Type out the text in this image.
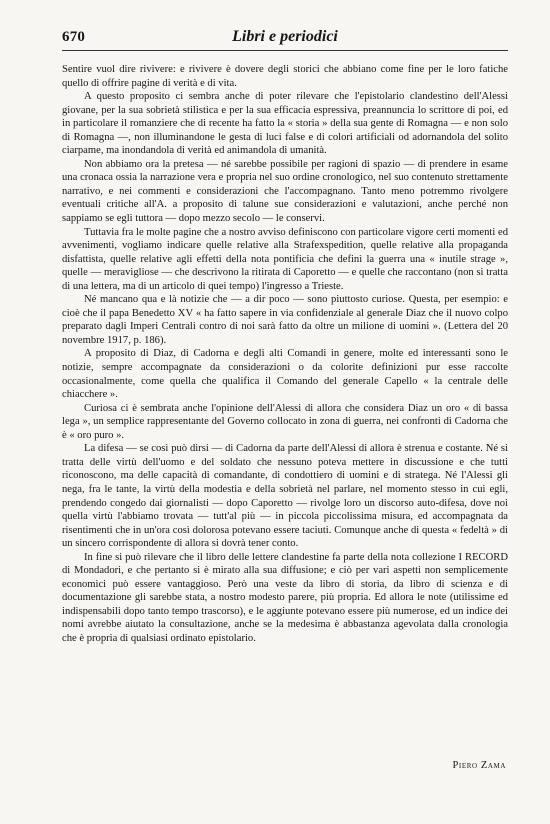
670	Libri e periodici

Sentire vuol dire rivivere: e rivivere è dovere degli storici che abbiano come fine per le loro fatiche quello di offrire pagine di verità e di vita.

A questo proposito ci sembra anche di poter rilevare che l'epistolario clandestino dell'Alessi giovane, per la sua sobrietà stilistica e per la sua efficacia espressiva, preannuncia lo scrittore di poi, ed in particolare il romanziere che di recente ha fatto la « storia » della sua gente di Romagna — e non solo di Romagna —, non illuminandone le gesta di luci false e di colori artificiali od adornandola del solito ciarpame, ma inondandola di verità ed animandola di umanità.

Non abbiamo ora la pretesa — né sarebbe possibile per ragioni di spazio — di prendere in esame una cronaca ossia la narrazione vera e propria nel suo ordine cronologico, nel suo contenuto strettamente narrativo, e nei commenti e considerazioni che l'accompagnano. Tanto meno potremmo rivolgere eventuali critiche all'A. a proposito di talune sue considerazioni e valutazioni, anche perché non sappiamo se egli tuttora — dopo mezzo secolo — le conservi.

Tuttavia fra le molte pagine che a nostro avviso definiscono con particolare vigore certi momenti ed avvenimenti, vogliamo indicare quelle relative alla Strafexspedition, quelle relative alla propaganda disfattista, quelle relative agli effetti della nota pontificia che definì la guerra una « inutile strage », quelle — meravigliose — che descrivono la ritirata di Caporetto — e quelle che raccontano (non si tratta di una lettera, ma di un articolo di quei tempo) l'ingresso a Trieste.

Né mancano qua e là notizie che — a dir poco — sono piuttosto curiose. Questa, per esempio: e cioè che il papa Benedetto XV « ha fatto sapere in via confidenziale al generale Diaz che il nuovo colpo preparato dagli Imperi Centrali contro di noi sarà fatto da oltre un milione di uomini ». (Lettera del 20 novembre 1917, p. 186).

A proposito di Diaz, di Cadorna e degli alti Comandi in genere, molte ed interessanti sono le notizie, sempre accompagnate da considerazioni o da colorite definizioni pur esse raccolte occasionalmente, come quella che qualifica il Comando del generale Capello « la centrale delle chiacchere ».

Curiosa ci è sembrata anche l'opinione dell'Alessi di allora che considera Diaz un oro « di bassa lega », un semplice rappresentante del Governo collocato in zona di guerra, nei confronti di Cadorna che è « oro puro ».

La difesa — se così può dirsi — di Cadorna da parte dell'Alessi di allora è strenua e costante. Né si tratta delle virtù dell'uomo e del soldato che nessuno poteva mettere in discussione e che tutti riconoscono, ma delle capacità di comandante, di condottiero di uomini e di stratega. Né l'Alessi gli nega, fra le tante, la virtù della modestia e della sobrietà nel parlare, nel momento stesso in cui egli, prendendo congedo dai giornalisti — dopo Caporetto — rivolge loro un discorso auto-difesa, dove noi quella virtù l'abbiamo trovata — tutt'al più — in piccola piccolissima misura, ed accompagnata da risentimenti che in un'ora così dolorosa potevano essere taciuti. Comunque anche di questa « fedeltà » di un sincero corrispondente di allora si dovrà tener conto.

In fine si può rilevare che il libro delle lettere clandestine fa parte della nota collezione I RECORD di Mondadori, e che pertanto si è mirato alla sua diffusione; e ciò per vari aspetti non semplicemente economici può essere vantaggioso. Però una veste da libro di storia, da libro di scienza e di documentazione gli sarebbe stata, a nostro modesto parere, più propria. Ed allora le note (utilissime ed indispensabili dopo tanto tempo trascorso), e le aggiunte potevano essere più numerose, ed un indice dei nomi avrebbe aiutato la consultazione, anche se la medesima è abbastanza agevolata dalla cronologia che è propria di qualsiasi ordinato epistolario.

Piero Zama
